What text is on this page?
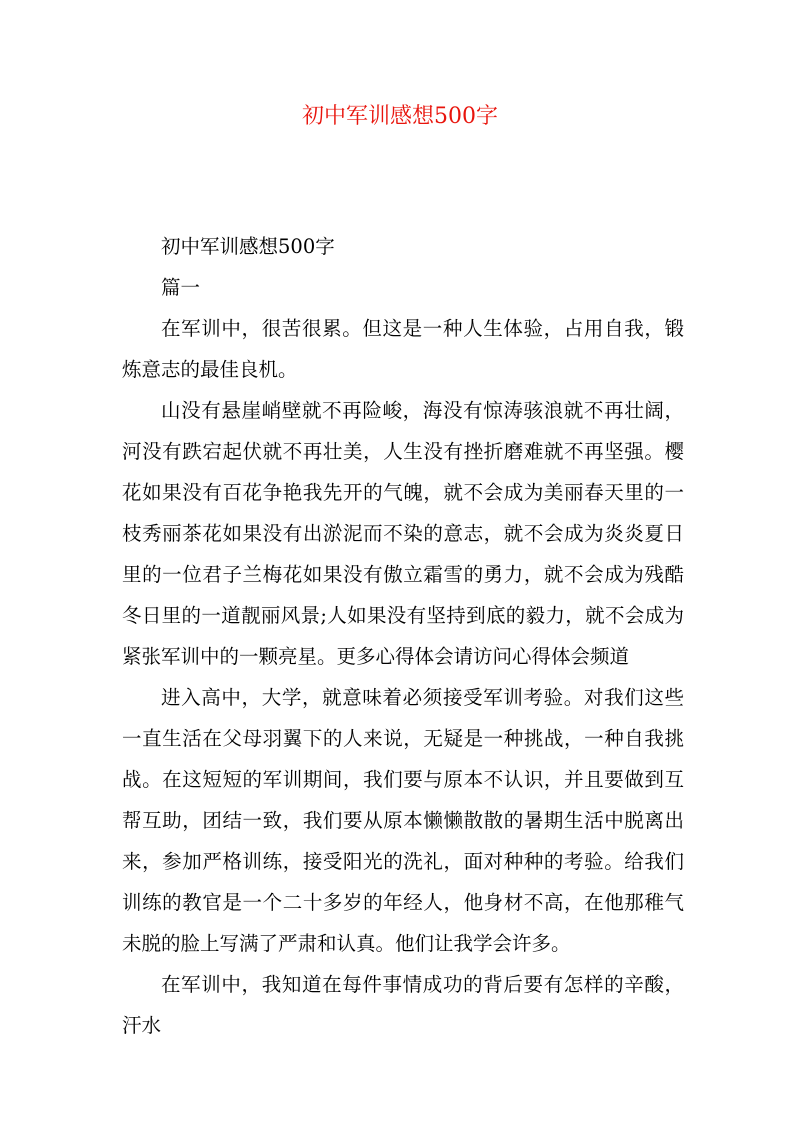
初中军训感想500字

初中军训感想500字

篇一

在军训中，很苦很累。但这是一种人生体验，占用自我，锻炼意志的最佳良机。

山没有悬崖峭壁就不再险峻，海没有惊涛骇浪就不再壮阔，河没有跌宕起伏就不再壮美，人生没有挫折磨难就不再坚强。樱花如果没有百花争艳我先开的气魄，就不会成为美丽春天里的一枝秀丽茶花如果没有出淤泥而不染的意志，就不会成为炎炎夏日里的一位君子兰梅花如果没有傲立霜雪的勇力，就不会成为残酷冬日里的一道靓丽风景;人如果没有坚持到底的毅力，就不会成为紧张军训中的一颗亮星。更多心得体会请访问心得体会频道

进入高中，大学，就意味着必须接受军训考验。对我们这些一直生活在父母羽翼下的人来说，无疑是一种挑战，一种自我挑战。在这短短的军训期间，我们要与原本不认识，并且要做到互帮互助，团结一致，我们要从原本懒懒散散的暑期生活中脱离出来，参加严格训练，接受阳光的洗礼，面对种种的考验。给我们训练的教官是一个二十多岁的年经人，他身材不高，在他那稚气未脱的脸上写满了严肃和认真。他们让我学会许多。

在军训中，我知道在每件事情成功的背后要有怎样的辛酸，汗水
